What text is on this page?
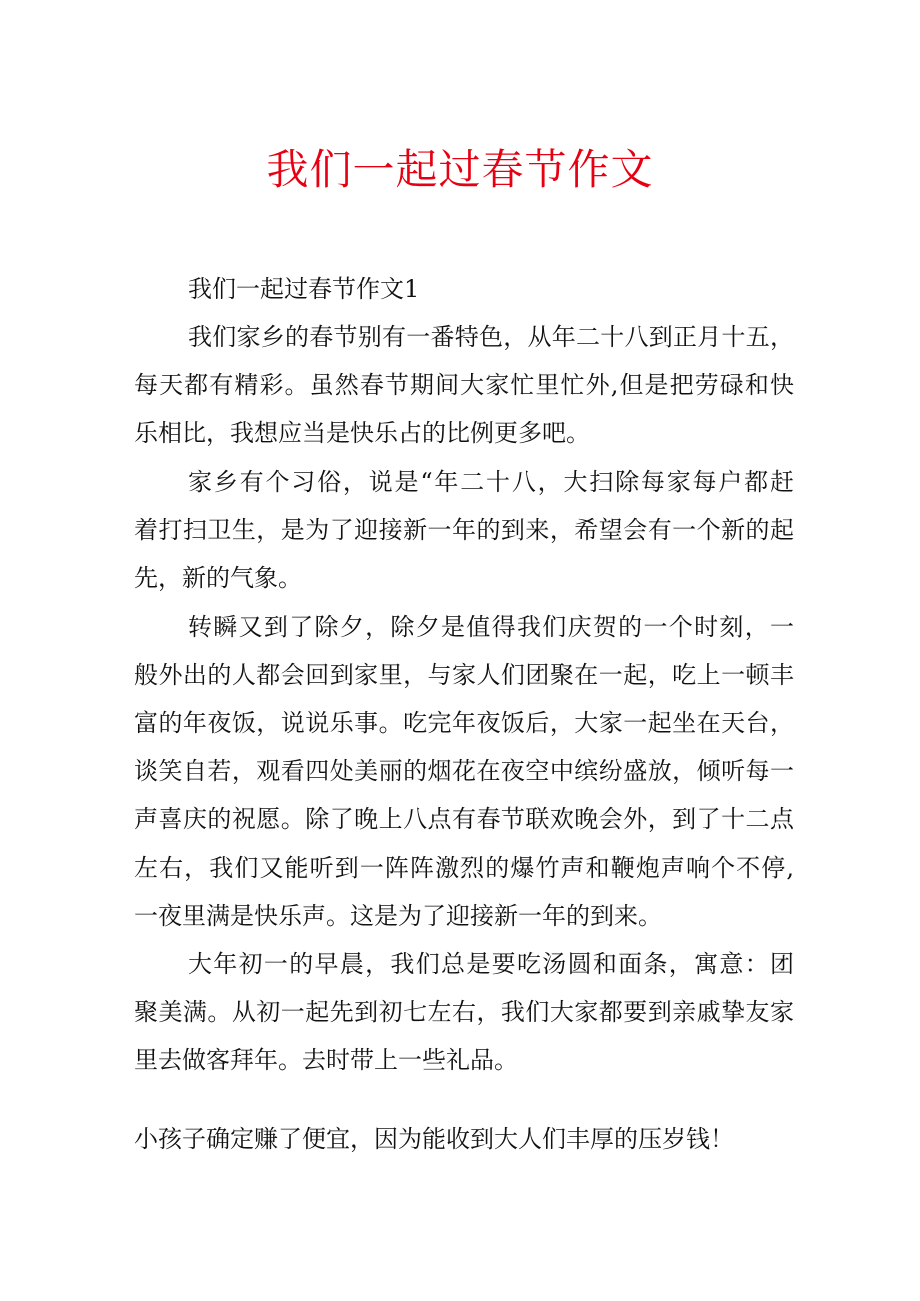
我们一起过春节作文
我们一起过春节作文1
我们家乡的春节别有一番特色，从年二十八到正月十五，
每天都有精彩。虽然春节期间大家忙里忙外,但是把劳碌和快
乐相比，我想应当是快乐占的比例更多吧。
家乡有个习俗，说是“年二十八，大扫除每家每户都赶
着打扫卫生，是为了迎接新一年的到来，希望会有一个新的起
先，新的气象。
转瞬又到了除夕，除夕是值得我们庆贺的一个时刻，一
般外出的人都会回到家里，与家人们团聚在一起，吃上一顿丰
富的年夜饭，说说乐事。吃完年夜饭后，大家一起坐在天台，
谈笑自若，观看四处美丽的烟花在夜空中缤纷盛放，倾听每一
声喜庆的祝愿。除了晚上八点有春节联欢晚会外，到了十二点
左右，我们又能听到一阵阵激烈的爆竹声和鞭炮声响个不停,
一夜里满是快乐声。这是为了迎接新一年的到来。
大年初一的早晨，我们总是要吃汤圆和面条，寓意：团
聚美满。从初一起先到初七左右，我们大家都要到亲戚挚友家
里去做客拜年。去时带上一些礼品。
小孩子确定赚了便宜，因为能收到大人们丰厚的压岁钱！
